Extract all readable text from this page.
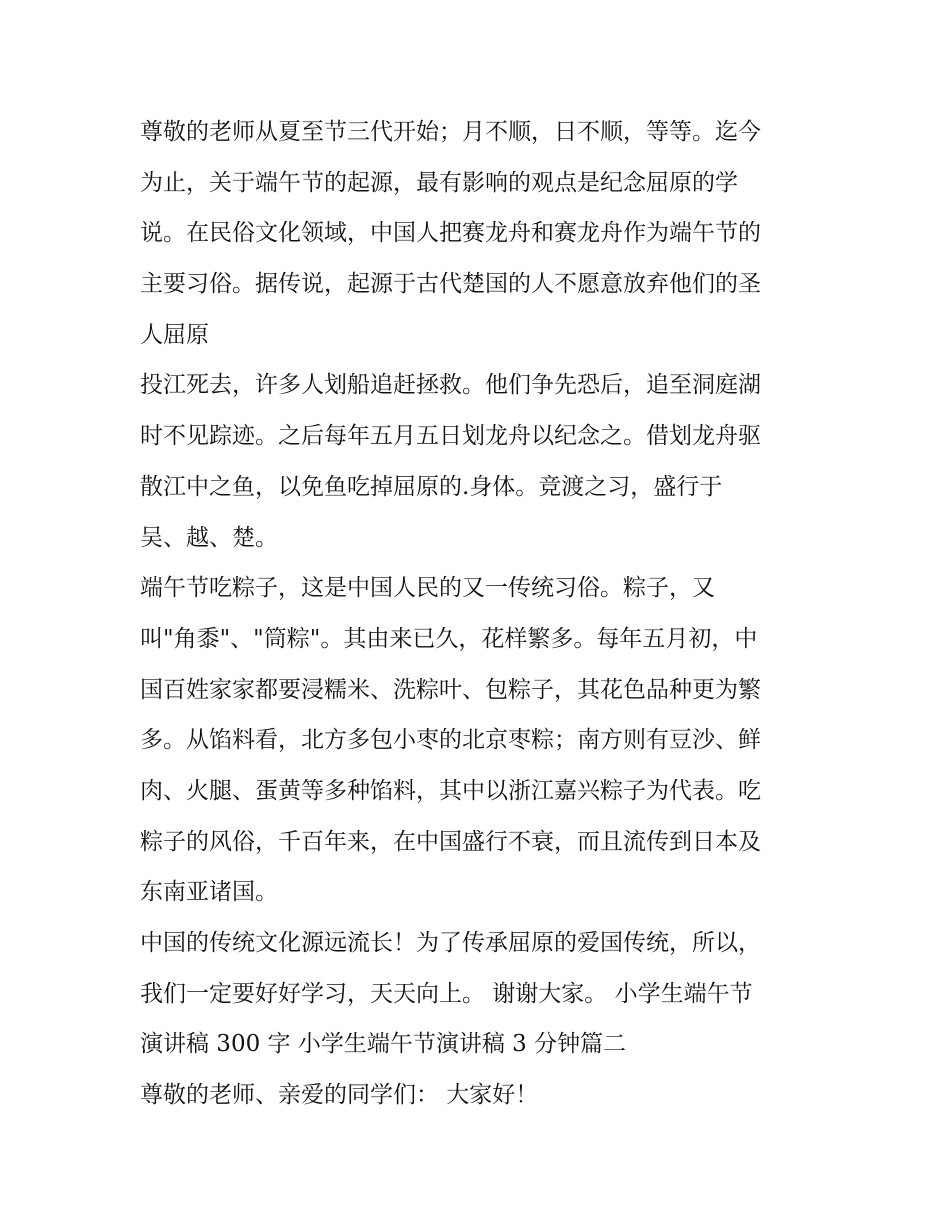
尊敬的老师从夏至节三代开始；月不顺，日不顺，等等。迄今
为止，关于端午节的起源，最有影响的观点是纪念屈原的学
说。在民俗文化领域，中国人把赛龙舟和赛龙舟作为端午节的
主要习俗。据传说，起源于古代楚国的人不愿意放弃他们的圣
人屈原
投江死去，许多人划船追赶拯救。他们争先恐后，追至洞庭湖
时不见踪迹。之后每年五月五日划龙舟以纪念之。借划龙舟驱
散江中之鱼，以免鱼吃掉屈原的.身体。竞渡之习，盛行于
吴、越、楚。
端午节吃粽子，这是中国人民的又一传统习俗。粽子，又
叫"角黍"、"筒粽"。其由来已久，花样繁多。每年五月初，中
国百姓家家都要浸糯米、洗粽叶、包粽子，其花色品种更为繁
多。从馅料看，北方多包小枣的北京枣粽；南方则有豆沙、鲜
肉、火腿、蛋黄等多种馅料，其中以浙江嘉兴粽子为代表。吃
粽子的风俗，千百年来，在中国盛行不衰，而且流传到日本及
东南亚诸国。
中国的传统文化源远流长！为了传承屈原的爱国传统，所以，
我们一定要好好学习，天天向上。 谢谢大家。 小学生端午节
演讲稿 300 字 小学生端午节演讲稿 3 分钟篇二
尊敬的老师、亲爱的同学们： 大家好！
